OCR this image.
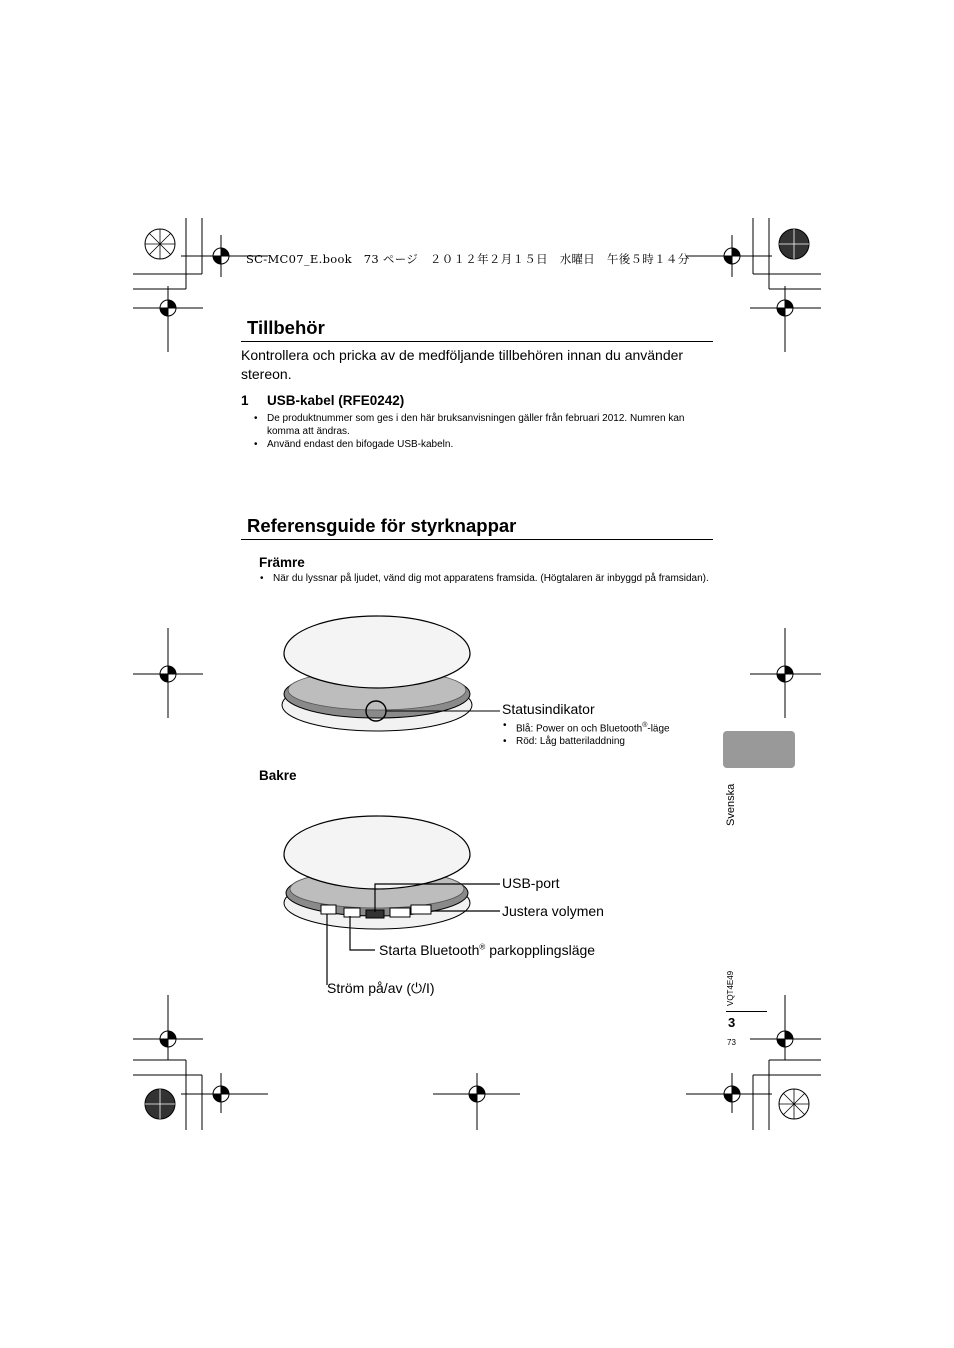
SC-MC07_E.book　73 ページ　２０１２年２月１５日　水曜日　午後５時１４分
Tillbehör
Kontrollera och pricka av de medföljande tillbehören innan du använder stereon.
1 USB-kabel (RFE0242)
• De produktnummer som ges i den här bruksanvisningen gäller från februari 2012. Numren kan komma att ändras.
• Använd endast den bifogade USB-kabeln.
Referensguide för styrknappar
Främre
• När du lyssnar på ljudet, vänd dig mot apparatens framsida. (Högtalaren är inbyggd på framsidan).
Statusindikator
• Blå: Power on och Bluetooth®-läge
• Röd: Låg batteriladdning
Bakre
USB-port
Justera volymen
Starta Bluetooth® parkopplingsläge
Ström på/av (⏻/I)
Svenska
VQT4E49
3
73
